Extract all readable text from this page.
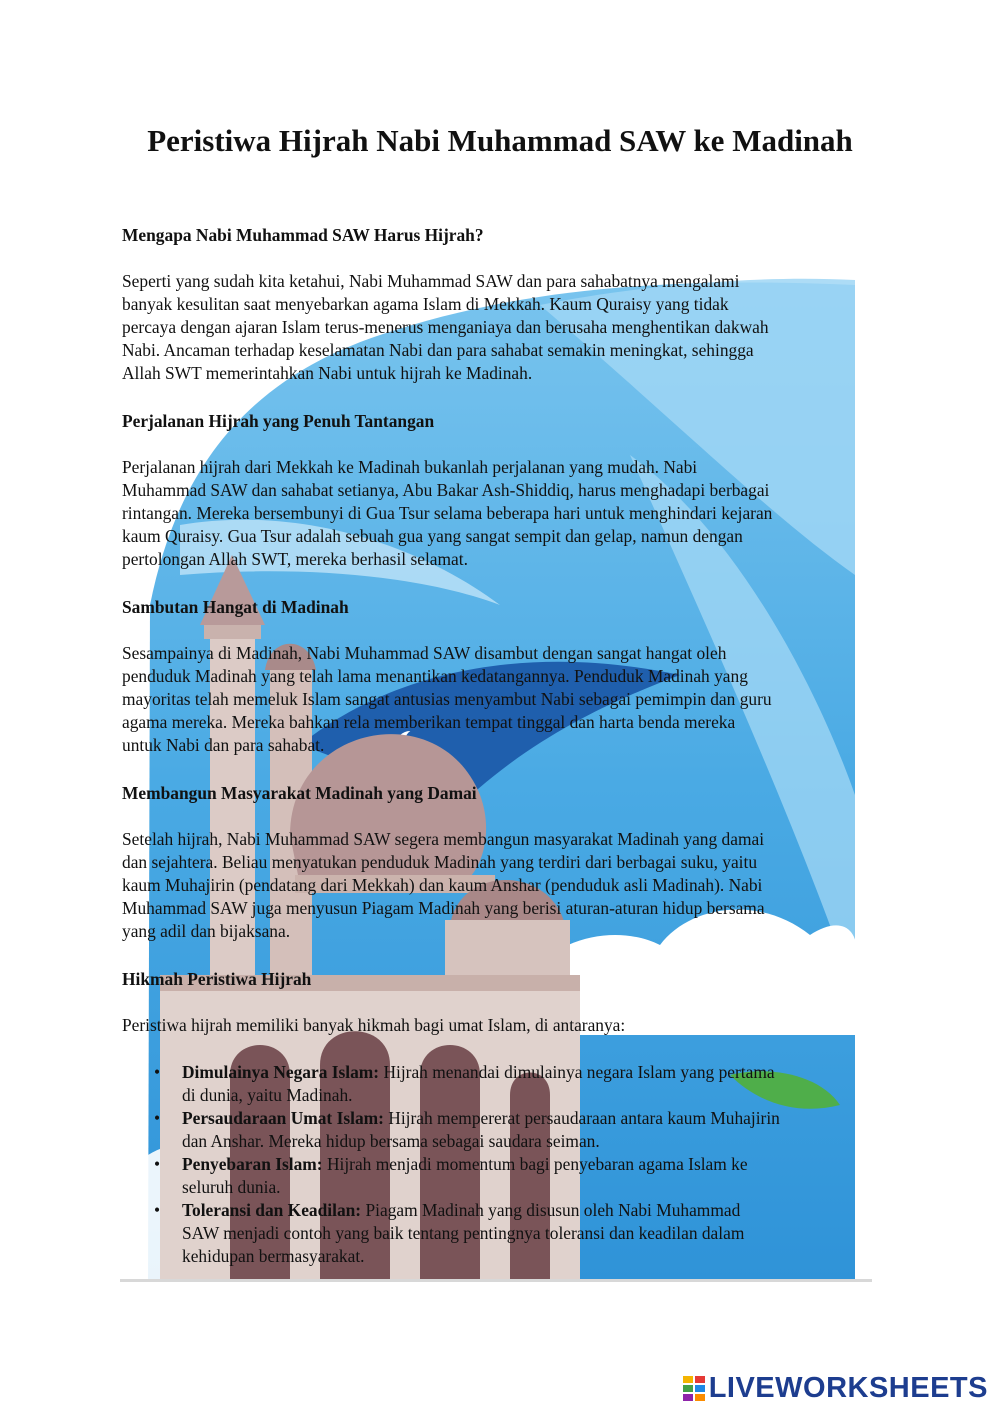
Peristiwa Hijrah Nabi Muhammad SAW ke Madinah
Mengapa Nabi Muhammad SAW Harus Hijrah?
Seperti yang sudah kita ketahui, Nabi Muhammad SAW dan para sahabatnya mengalami
banyak kesulitan saat menyebarkan agama Islam di Mekkah. Kaum Quraisy yang tidak
percaya dengan ajaran Islam terus-menerus menganiaya dan berusaha menghentikan dakwah
Nabi. Ancaman terhadap keselamatan Nabi dan para sahabat semakin meningkat, sehingga
Allah SWT memerintahkan Nabi untuk hijrah ke Madinah.
Perjalanan Hijrah yang Penuh Tantangan
Perjalanan hijrah dari Mekkah ke Madinah bukanlah perjalanan yang mudah. Nabi
Muhammad SAW dan sahabat setianya, Abu Bakar Ash-Shiddiq, harus menghadapi berbagai
rintangan. Mereka bersembunyi di Gua Tsur selama beberapa hari untuk menghindari kejaran
kaum Quraisy. Gua Tsur adalah sebuah gua yang sangat sempit dan gelap, namun dengan
pertolongan Allah SWT, mereka berhasil selamat.
Sambutan Hangat di Madinah
Sesampainya di Madinah, Nabi Muhammad SAW disambut dengan sangat hangat oleh
penduduk Madinah yang telah lama menantikan kedatangannya. Penduduk Madinah yang
mayoritas telah memeluk Islam sangat antusias menyambut Nabi sebagai pemimpin dan guru
agama mereka. Mereka bahkan rela memberikan tempat tinggal dan harta benda mereka
untuk Nabi dan para sahabat.
Membangun Masyarakat Madinah yang Damai
Setelah hijrah, Nabi Muhammad SAW segera membangun masyarakat Madinah yang damai
dan sejahtera. Beliau menyatukan penduduk Madinah yang terdiri dari berbagai suku, yaitu
kaum Muhajirin (pendatang dari Mekkah) dan kaum Anshar (penduduk asli Madinah). Nabi
Muhammad SAW juga menyusun Piagam Madinah yang berisi aturan-aturan hidup bersama
yang adil dan bijaksana.
Hikmah Peristiwa Hijrah
Peristiwa hijrah memiliki banyak hikmah bagi umat Islam, di antaranya:
• Dimulainya Negara Islam: Hijrah menandai dimulainya negara Islam yang pertama
di dunia, yaitu Madinah.
• Persaudaraan Umat Islam: Hijrah mempererat persaudaraan antara kaum Muhajirin
dan Anshar. Mereka hidup bersama sebagai saudara seiman.
• Penyebaran Islam: Hijrah menjadi momentum bagi penyebaran agama Islam ke
seluruh dunia.
• Toleransi dan Keadilan: Piagam Madinah yang disusun oleh Nabi Muhammad
SAW menjadi contoh yang baik tentang pentingnya toleransi dan keadilan dalam
kehidupan bermasyarakat.
LIVEWORKSHEETS
